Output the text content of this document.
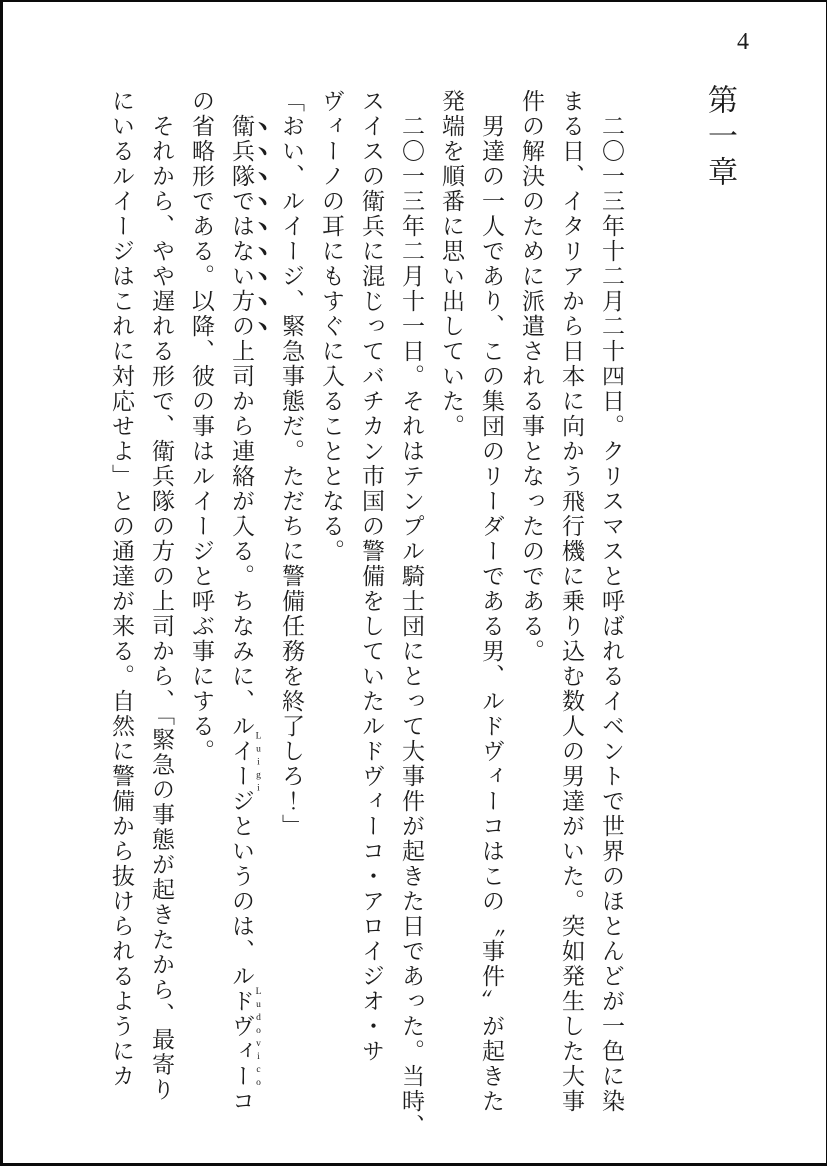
4
第一章
二〇一三年十二月二十四日。クリスマスと呼ばれるイベントで世界のほとんどが一色に染
まる日、イタリアから日本に向かう飛行機に乗り込む数人の男達がいた。突如発生した大事
件の解決のために派遣される事となったのである。
男達の一人であり、この集団のリーダーである男、ルドヴィーコはこの〝事件〟が起きた
発端を順番に思い出していた。
二〇一三年二月十一日。それはテンプル騎士団にとって大事件が起きた日であった。当時、
スイスの衛兵に混じってバチカン市国の警備をしていたルドヴィーコ・アロイジオ・サ
ヴィーノの耳にもすぐに入ることとなる。
「おい、ルイージ、緊急事態だ。ただちに警備任務を終了しろ！」
衛兵隊ではない方の上司から連絡が入る。ちなみに、ルイージ Luigiというのは、ルドヴィーコ Ludovico
の省略形である。以降、彼の事はルイージと呼ぶ事にする。
それから、やや遅れる形で、衛兵隊の方の上司から、「緊急の事態が起きたから、最寄り
にいるルイージはこれに対応せよ」との通達が来る。自然に警備から抜けられるようにカ
